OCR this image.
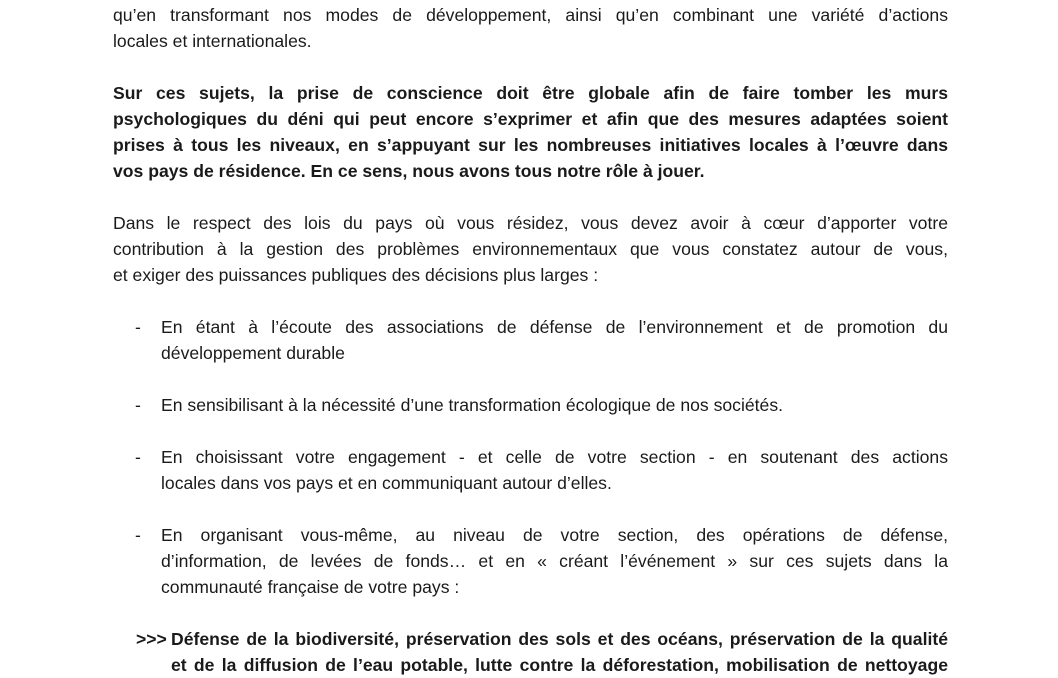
qu’en transformant nos modes de développement, ainsi qu’en combinant une variété d’actions
locales et internationales.
Sur ces sujets, la prise de conscience doit être globale afin de faire tomber les murs
psychologiques du déni qui peut encore s’exprimer et afin que des mesures adaptées soient
prises à tous les niveaux, en s’appuyant sur les nombreuses initiatives locales à l’œuvre dans
vos pays de résidence. En ce sens, nous avons tous notre rôle à jouer.
Dans le respect des lois du pays où vous résidez, vous devez avoir à cœur d’apporter votre
contribution à la gestion des problèmes environnementaux que vous constatez autour de vous,
et exiger des puissances publiques des décisions plus larges :
- En étant à l’écoute des associations de défense de l’environnement et de promotion du
développement durable
- En sensibilisant à la nécessité d’une transformation écologique de nos sociétés.
- En choisissant votre engagement - et celle de votre section - en soutenant des actions
locales dans vos pays et en communiquant autour d’elles.
- En organisant vous-même, au niveau de votre section, des opérations de défense,
d’information, de levées de fonds… et en « créant l’événement » sur ces sujets dans la
communauté française de votre pays :
>>> Défense de la biodiversité, préservation des sols et des océans, préservation de la qualité
et de la diffusion de l’eau potable, lutte contre la déforestation, mobilisation de nettoyage
